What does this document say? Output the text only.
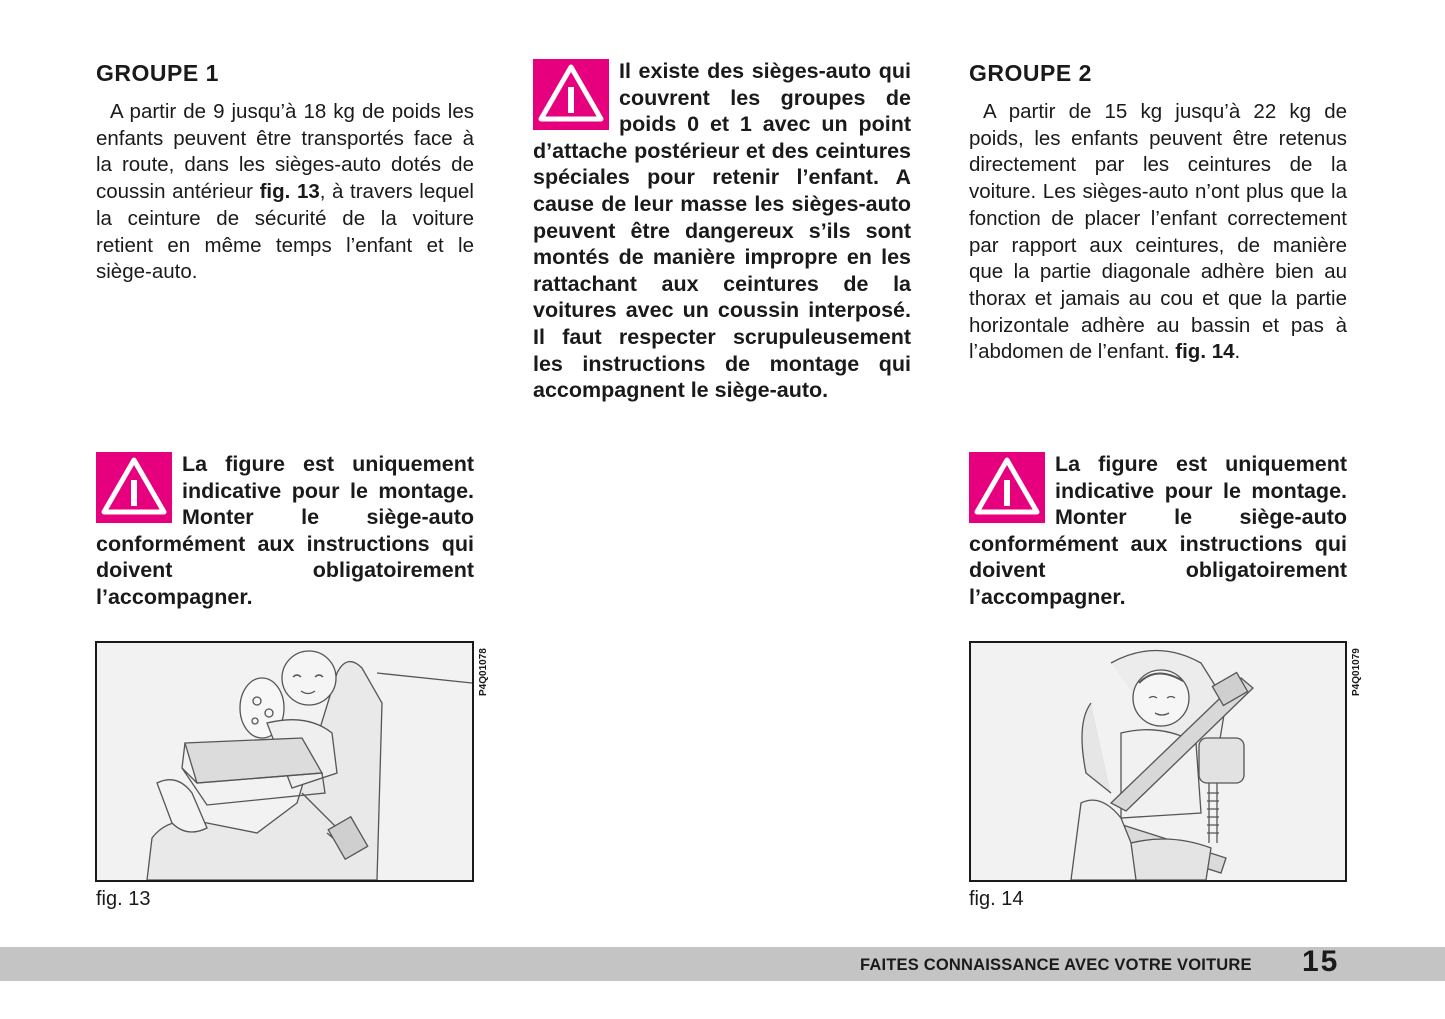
GROUPE 1

A partir de 9 jusqu’à 18 kg de poids les enfants peuvent être transportés face à la route, dans les sièges-auto dotés de coussin antérieur fig. 13, à travers lequel la ceinture de sécurité de la voiture retient en même temps l’enfant et le siège-auto.

La figure est uniquement indicative pour le montage. Monter le siège-auto conformément aux instructions qui doivent obligatoirement l’accompagner.
P4Q01078
fig. 13
Il existe des sièges-auto qui couvrent les groupes de poids 0 et 1 avec un point d’attache postérieur et des ceintures spéciales pour retenir l’enfant. A cause de leur masse les sièges-auto peuvent être dangereux s’ils sont montés de manière impropre en les rattachant aux ceintures de la voitures avec un coussin interposé. Il faut respecter scrupuleusement les instructions de montage qui accompagnent le siège-auto.
GROUPE 2

A partir de 15 kg jusqu’à 22 kg de poids, les enfants peuvent être retenus directement par les ceintures de la voiture. Les sièges-auto n’ont plus que la fonction de placer l’enfant correctement par rapport aux ceintures, de manière que la partie diagonale adhère bien au thorax et jamais au cou et que la partie horizontale adhère au bassin et pas à l’abdomen de l’enfant. fig. 14.

La figure est uniquement indicative pour le montage. Monter le siège-auto conformément aux instructions qui doivent obligatoirement l’accompagner.
P4Q01079
fig. 14
FAITES CONNAISSANCE AVEC VOTRE VOITURE 15
